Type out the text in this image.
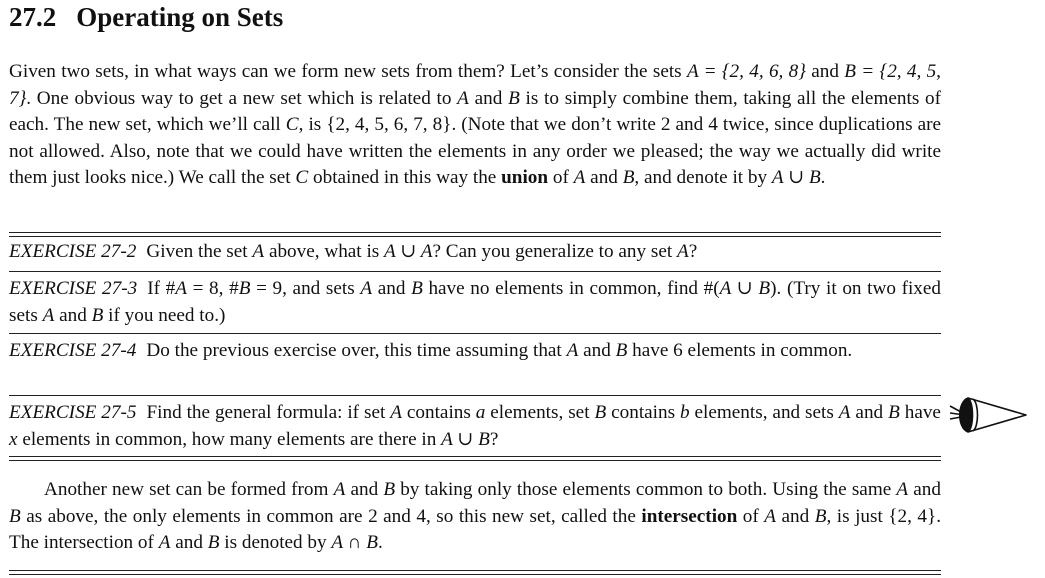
27.2 Operating on Sets

Given two sets, in what ways can we form new sets from them? Let’s consider the sets A = {2, 4, 6, 8} and B = {2, 4, 5, 7}. One obvious way to get a new set which is related to A and B is to simply combine them, taking all the elements of each. The new set, which we’ll call C, is {2, 4, 5, 6, 7, 8}. (Note that we don’t write 2 and 4 twice, since duplications are not allowed. Also, note that we could have written the elements in any order we pleased; the way we actually did write them just looks nice.) We call the set C obtained in this way the union of A and B, and denote it by A ∪ B.

EXERCISE 27-2 Given the set A above, what is A ∪ A? Can you generalize to any set A?

EXERCISE 27-3 If #A = 8, #B = 9, and sets A and B have no elements in common, find #(A ∪ B). (Try it on two fixed sets A and B if you need to.)

EXERCISE 27-4 Do the previous exercise over, this time assuming that A and B have 6 elements in common.

EXERCISE 27-5 Find the general formula: if set A contains a elements, set B contains b elements, and sets A and B have x elements in common, how many elements are there in A ∪ B?

Another new set can be formed from A and B by taking only those elements common to both. Using the same A and B as above, the only elements in common are 2 and 4, so this new set, called the intersection of A and B, is just {2, 4}. The intersection of A and B is denoted by A ∩ B.
